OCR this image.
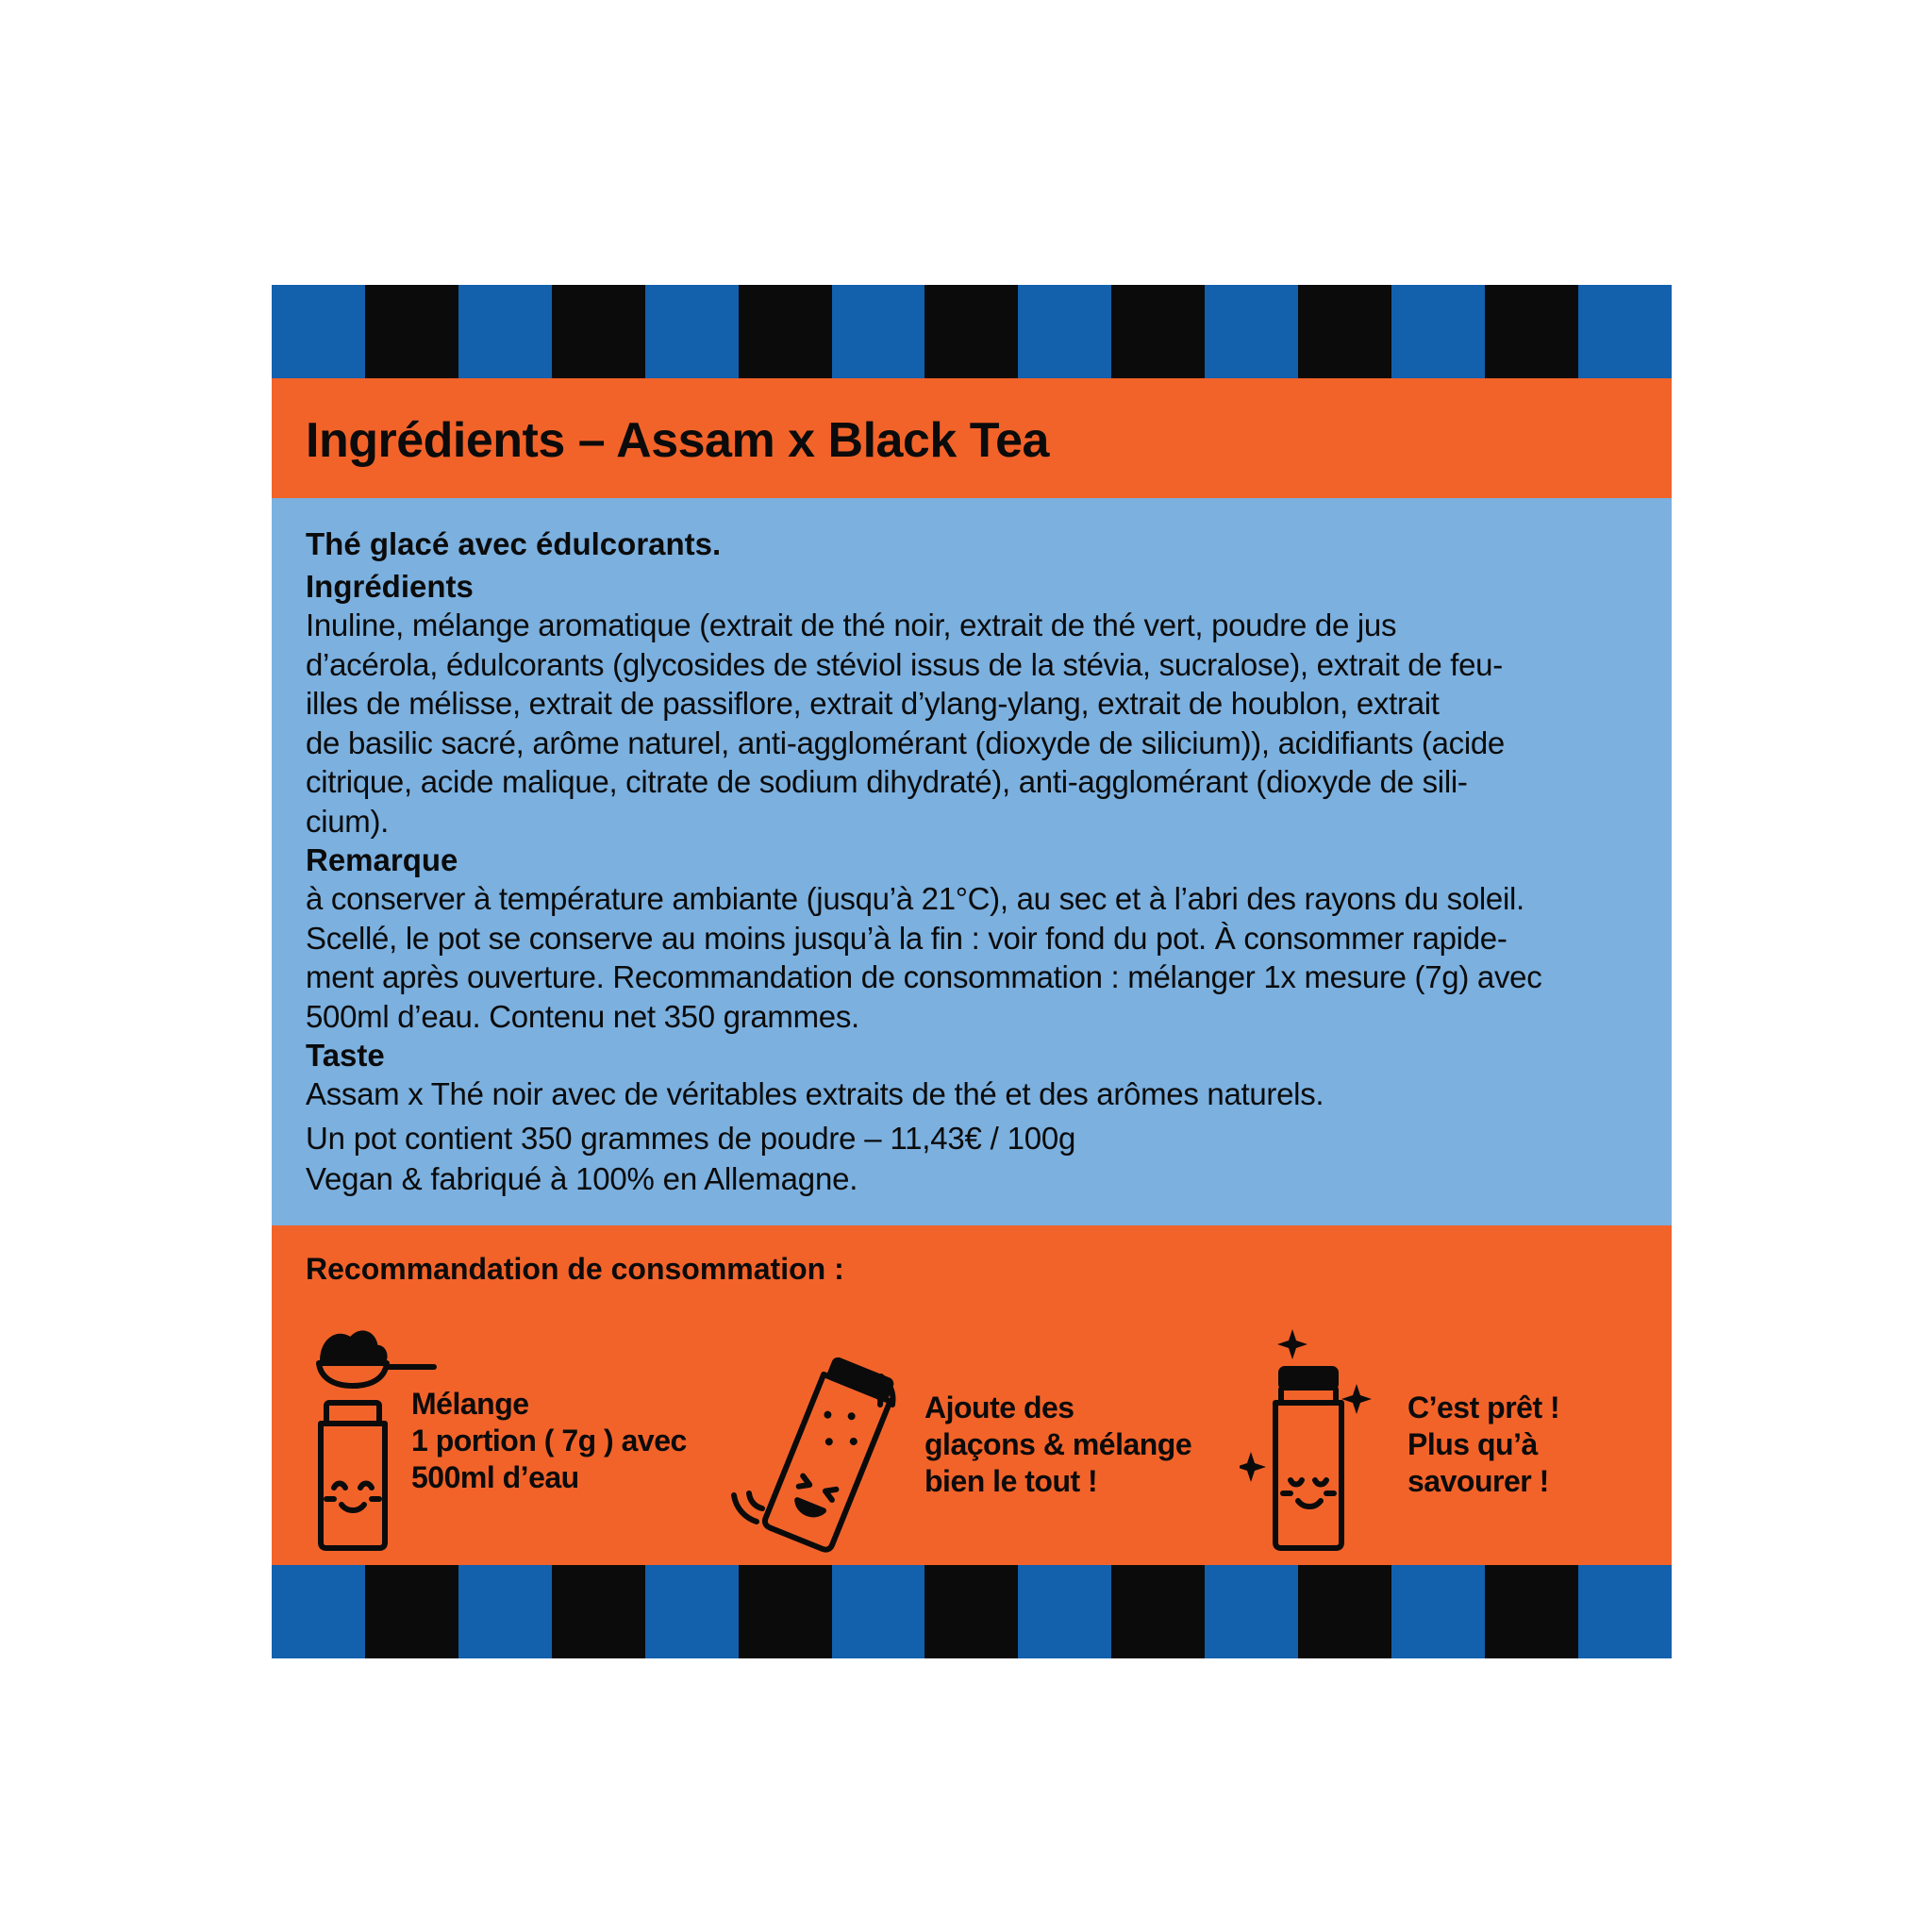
Ingrédients – Assam x Black Tea
Thé glacé avec édulcorants.
Ingrédients
Inuline, mélange aromatique (extrait de thé noir, extrait de thé vert, poudre de jus
d’acérola, édulcorants (glycosides de stéviol issus de la stévia, sucralose), extrait de feu-
illes de mélisse, extrait de passiflore, extrait d’ylang-ylang, extrait de houblon, extrait
de basilic sacré, arôme naturel, anti-agglomérant (dioxyde de silicium)), acidifiants (acide
citrique, acide malique, citrate de sodium dihydraté), anti-agglomérant (dioxyde de sili-
cium).
Remarque
à conserver à température ambiante (jusqu’à 21°C), au sec et à l’abri des rayons du soleil.
Scellé, le pot se conserve au moins jusqu’à la fin : voir fond du pot. À consommer rapide-
ment après ouverture. Recommandation de consommation : mélanger 1x mesure (7g) avec
500ml d’eau. Contenu net 350 grammes.
Taste
Assam x Thé noir avec de véritables extraits de thé et des arômes naturels.
Un pot contient 350 grammes de poudre – 11,43€ / 100g
Vegan & fabriqué à 100% en Allemagne.
Recommandation de consommation :
Mélange
1 portion ( 7g ) avec
500ml d’eau
Ajoute des
glaçons & mélange
bien le tout !
C’est prêt !
Plus qu’à
savourer !
